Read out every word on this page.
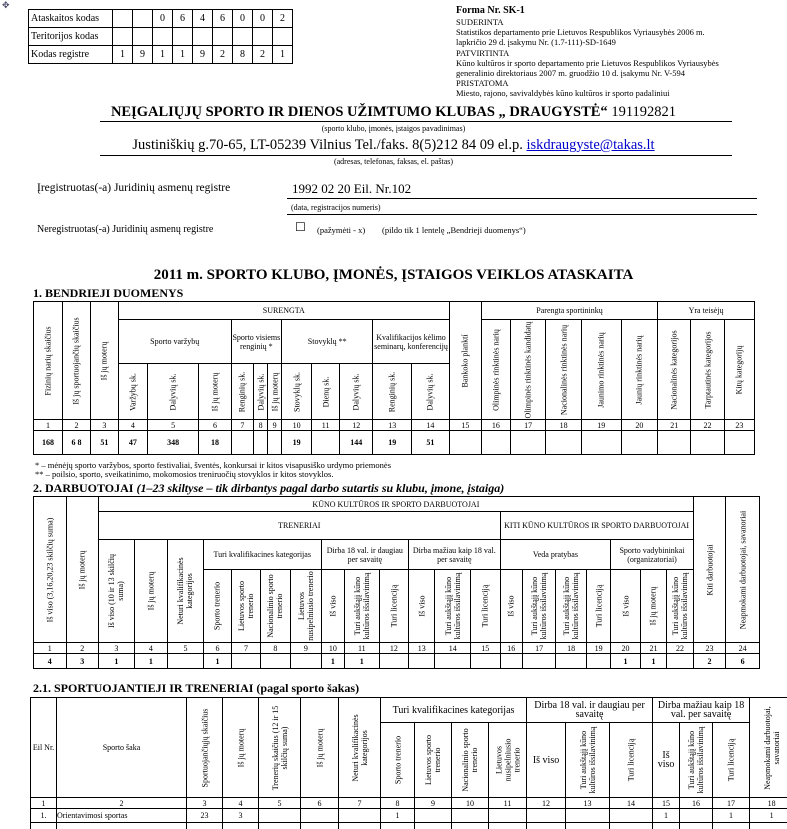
✥
Ataskaitos kodas			0	6	4	6	0	0	2
Teritorijos kodas									
Kodas registre	1	9	1	1	9	2	8	2	1
Forma Nr. SK-1
SUDERINTA
Statistikos departamento prie Lietuvos Respublikos Vyriausybės 2006 m.
lapkričio 29 d. įsakymu Nr. (1.7-111)-SD-1649
PATVIRTINTA
Kūno kultūros ir sporto departamento prie Lietuvos Respublikos Vyriausybės
generalinio direktoriaus 2007 m. gruodžio 10 d. įsakymu Nr. V-594
PRISTATOMA
Miesto, rajono, savivaldybės kūno kultūros ir sporto padaliniui
NEĮGALIŲJŲ SPORTO IR DIENOS UŽIMTUMO KLUBAS „ DRAUGYSTĖ“ 191192821
(sporto klubo, įmonės, įstaigos pavadinimas)
Justiniškių g.70-65, LT-05239 Vilnius Tel./faks. 8(5)212 84 09 el.p. iskdraugyste@takas.lt
(adresas, telefonas, faksas, el. paštas)
Įregistruotas(-a) Juridinių asmenų registre	1992 02 20 Eil. Nr.102
(data, registracijos numeris)
Neregistruotas(-a) Juridinių asmenų registre	☐ (pažymėti - x) (pildo tik 1 lentelę „Bendrieji duomenys“)
2011 m. SPORTO KLUBO, ĮMONĖS, ĮSTAIGOS VEIKLOS ATASKAITA
1. BENDRIEJI DUOMENYS
Fizinių narių skaičius	Iš jų sportuojančių skaičius	Iš jų moterų	SURENGTA											Bankoko planktí	Parengta sportininkų					Yra teisėjų		
			Sporto varžybų			Sporto visiems renginių *			Stovyklų **			Kvalifikacijos kėlimo seminarų, konferencijų			Olimpinės rinktinės narių	Olimpinės rinktinės kandidatų	Nacionalinės rinktinės narių	Jaunimo rinktinės narių	Jaunių rinktinės narių	Nacionalinės kategorijos	Tarptautinės kategorijos	Kitų kategorijų

			Varžybų sk.	Dalyvių sk.	Iš jų moterų	Renginių sk.	Dalyvių sk.	Iš jų moterų	Stovyklų sk.	Dienų sk.	Dalyvių sk.	Renginių sk.	Dalyvių sk.									

1	2	3	4	5	6	7	8	9	10	11	12	13	14	15	16	17	18	19	20	21	22	23
168	6 8	51	47	348	18				19		144	19	51									
* – mėnėjų sporto varžybos, sporto festivaliai, šventės, konkursai ir kitos visapusiško urdymo priemonės
** – poilsio, sporto, sveikatinimo, mokomosios treniruočių stovyklos ir kitos stovyklos.
2. DARBUOTOJAI (1–23 skiltyse – tik dirbantys pagal darbo sutartis su klubu, įmone, įstaiga)
Iš viso (3,16,20,23 skilčių suma)	Iš jų moterų	KŪNO KULTŪROS IR SPORTO DARBUOTOJAI																				Kiti darbuotojai	Neapmokami darbuotojai, savanoriai

		TRENERIAI													KITI KŪNO KULTŪROS IR SPORTO DARBUOTOJAI								

		Iš viso (10 ir 13 skilčių suma)	Iš jų moterų	Neturi kvalifikacinės kategorijos	Turi kvalifikacines kategorijas				Dirba 18 val. ir daugiau per savaitę			Dirba mažiau kaip 18 val. per savaitę			Veda pratybas				Sporto vadybininkai (organizatoriai)				

					Sporto trenerio	Lietuvos sporto trenerio	Nacionalinio sporto trenerio	Lietuvos nusipelniusio trenerio	Iš viso	Turi aukštąjį kūno kultūros išsilavinimą	Turi licenciją	Iš viso	Turi aukštąjį kūno kultūros išsilavinimą	Turi licenciją	Iš viso	Turi aukštąjį kūno kultūros išsilavinimą	Turi aukštąjį kūno kultūros išsilavinimą	Turi licenciją	Iš viso	Iš jų moterų	Turi aukštąjį kūno kultūros išsilavinimą		

1	2	3	4	5	6	7	8	9	10	11	12	13	14	15	16	17	18	19	20	21	22	23	24
4	3	1	1		1				1	1									1	1		2	6
2.1. SPORTUOJANTIEJI IR TRENERIAI (pagal sporto šakas)
Eil Nr.	Sporto šaka	Sportuojančiųjų skaičius	Iš jų moterų	Trenerių skaičius (12 ir 15 skilčių suma)	Iš jų moterų	Neturi kvalifikacinės kategorijos	Turi kvalifikacines kategorijas				Dirba 18 val. ir daugiau per savaitę			Dirba mažiau kaip 18 val. per savaitę			Neapmokami darbuotojai, savanoriai

							Sporto trenerio	Lietuvos sporto trenerio	Nacionalinio sporto trenerio	Lietuvos nusipelniusio trenerio	Iš viso	Turi aukštąjį kūno kultūros išsilavinimą	Turi licenciją	Iš viso	Turi aukštąjį kūno kultūros išsilavinimą	Turi licenciją	

1	2	3	4	5	6	7	8	9	10	11	12	13	14	15	16	17	18
1.	Orientavimosi sportas	23	3				1							1		1	1
